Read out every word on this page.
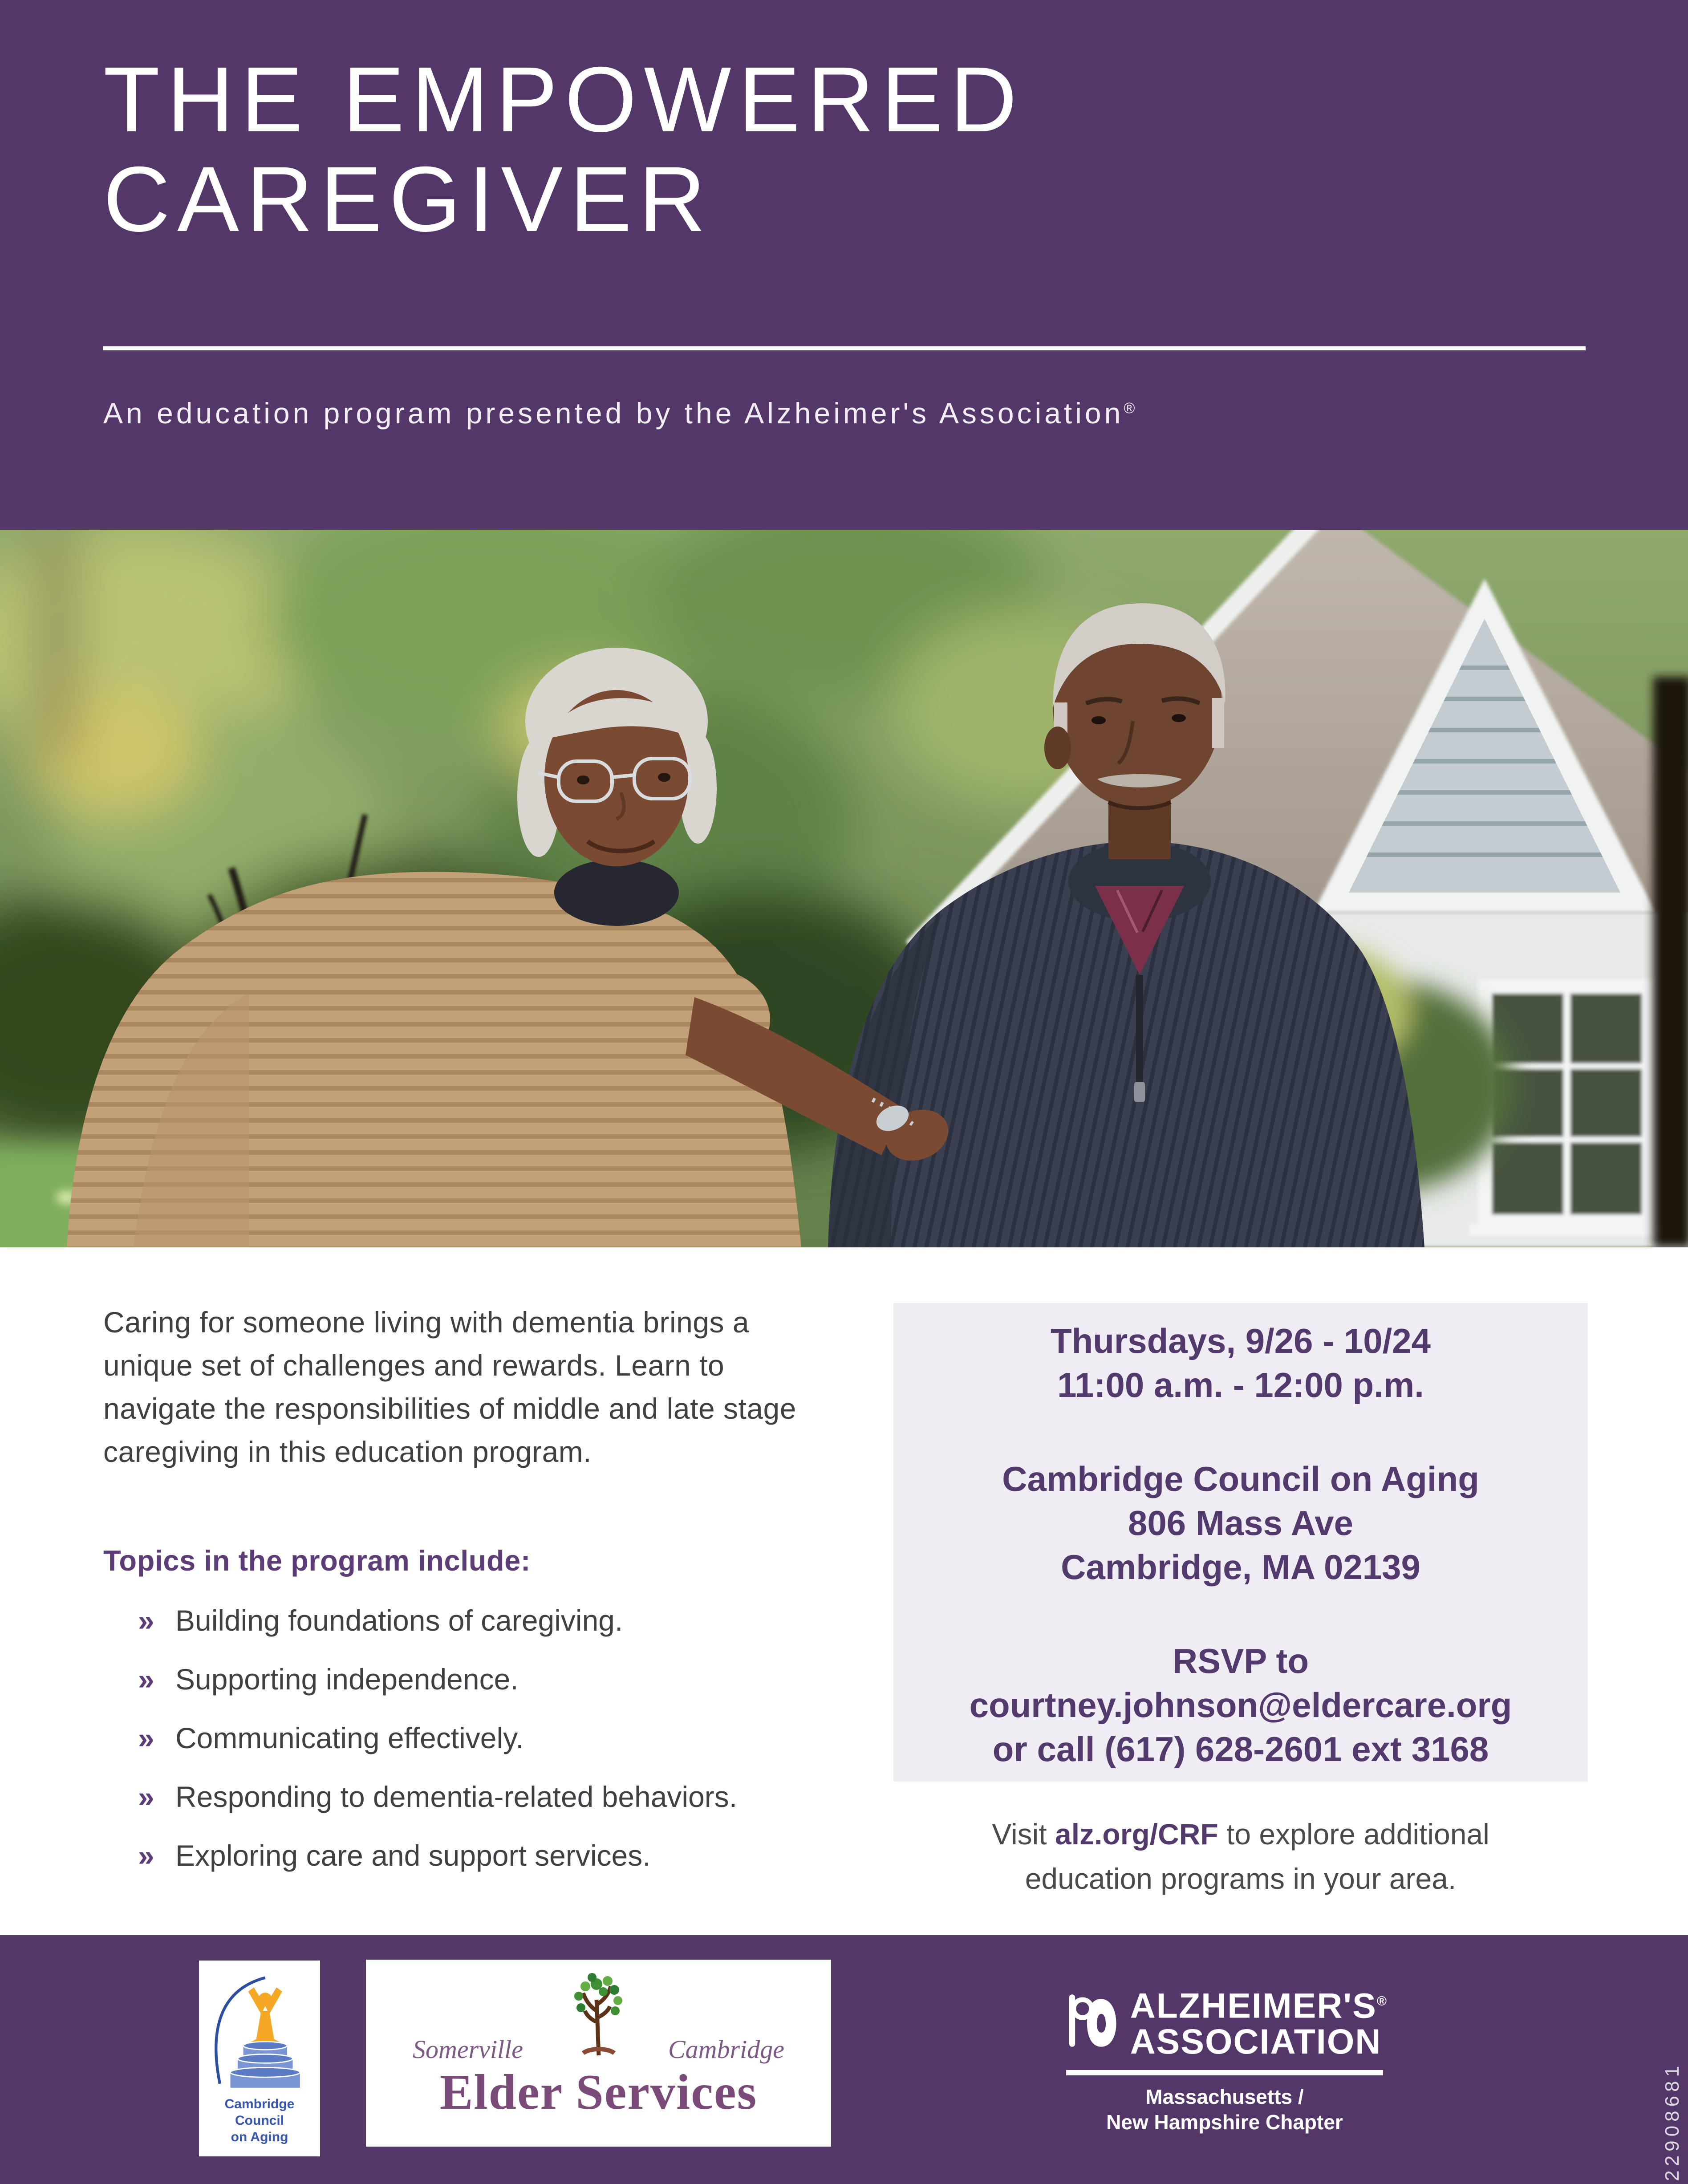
THE EMPOWERED
CAREGIVER
An education program presented by the Alzheimer's Association®
Caring for someone living with dementia brings a unique set of challenges and rewards. Learn to navigate the responsibilities of middle and late stage caregiving in this education program.
Topics in the program include:
» Building foundations of caregiving.
» Supporting independence.
» Communicating effectively.
» Responding to dementia-related behaviors.
» Exploring care and support services.
Thursdays, 9/26 - 10/24
11:00 a.m. - 12:00 p.m.
Cambridge Council on Aging
806 Mass Ave
Cambridge, MA 02139
RSVP to
courtney.johnson@eldercare.org
or call (617) 628-2601 ext 3168
Visit alz.org/CRF to explore additional
education programs in your area.
Cambridge
Council
on Aging
Somerville	Cambridge
Elder Services
ALZHEIMER'S®
ASSOCIATION
Massachusetts /
New Hampshire Chapter	22908681
